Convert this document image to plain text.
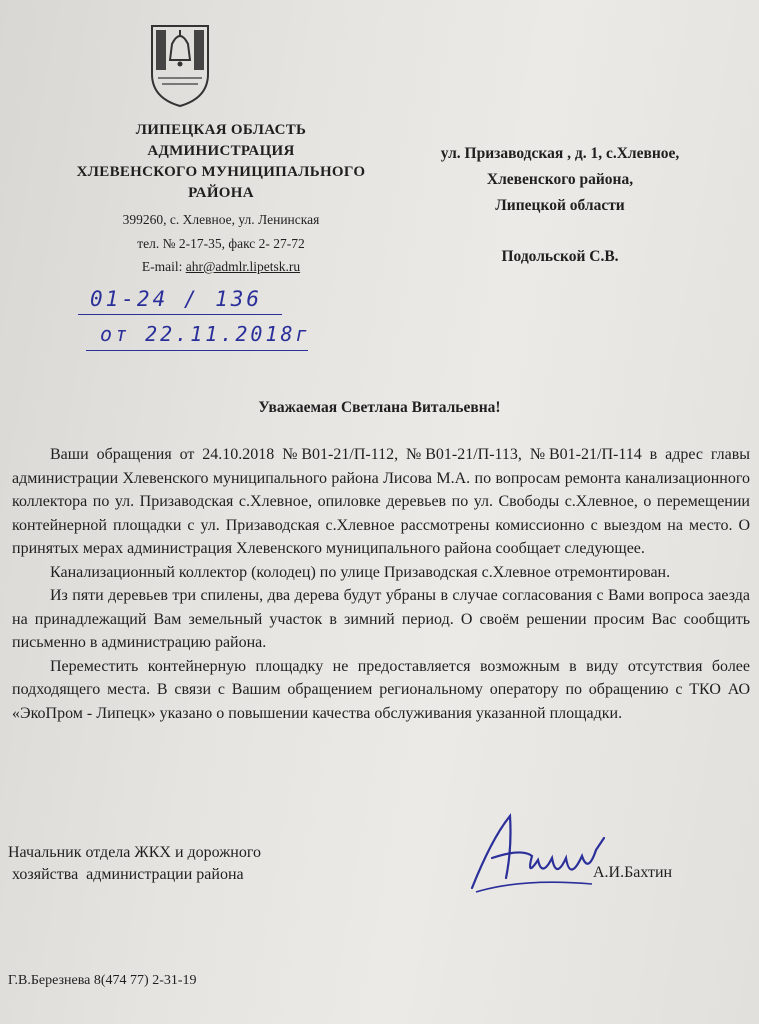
ЛИПЕЦКАЯ ОБЛАСТЬ
АДМИНИСТРАЦИЯ
ХЛЕВЕНСКОГО МУНИЦИПАЛЬНОГО
РАЙОНА
399260, с. Хлевное, ул. Ленинская
тел. № 2-17-35, факс 2- 27-72
E-mail: ahr@admlr.lipetsk.ru
01-24 / 136
от 22.11.2018г
ул. Призаводская , д. 1, с.Хлевное,
Хлевенского района,
Липецкой области
Подольской С.В.
Уважаемая Светлана Витальевна!

Ваши обращения от 24.10.2018 №В01-21/П-112, №В01-21/П-113, №В01-21/П-114 в адрес главы администрации Хлевенского муниципального района Лисова М.А. по вопросам ремонта канализационного коллектора по ул. Призаводская с.Хлевное, опиловке деревьев по ул. Свободы с.Хлевное, о перемещении контейнерной площадки с ул. Призаводская с.Хлевное рассмотрены комиссионно с выездом на место. О принятых мерах администрация Хлевенского муниципального района сообщает следующее.

Канализационный коллектор (колодец) по улице Призаводская с.Хлевное отремонтирован.

Из пяти деревьев три спилены, два дерева будут убраны в случае согласования с Вами вопроса заезда на принадлежащий Вам земельный участок в зимний период. О своём решении просим Вас сообщить письменно в администрацию района.

Переместить контейнерную площадку не предоставляется возможным в виду отсутствия более подходящего места. В связи с Вашим обращением региональному оператору по обращению с ТКО АО «ЭкоПром - Липецк» указано о повышении качества обслуживания указанной площадки.

Начальник отдела ЖКХ и дорожного
хозяйства  администрации района	А.И.Бахтин
Г.В.Березнева 8(474 77) 2-31-19
